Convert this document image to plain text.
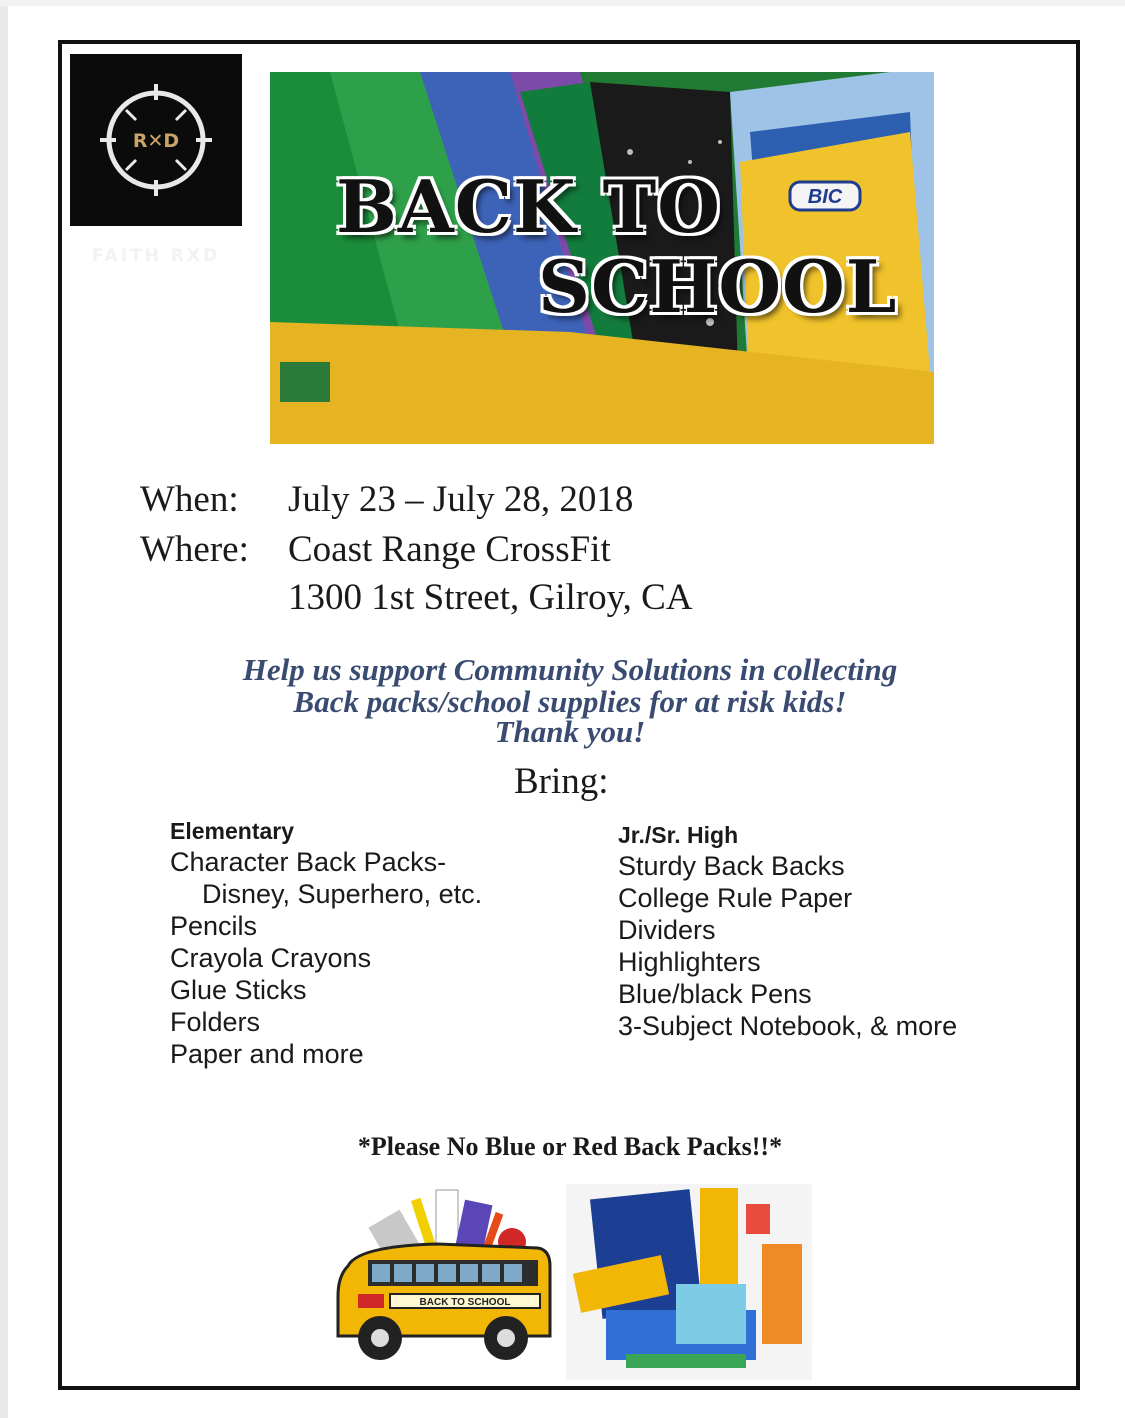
R✕D
FAITH RXD
BIC
BACK TO
SCHOOL
When: July 23 – July 28, 2018
Where: Coast Range CrossFit
1300 1st Street, Gilroy, CA
Help us support Community Solutions in collecting
Back packs/school supplies for at risk kids!
Thank you!
Bring:
Elementary
Character Back Packs-
Disney, Superhero, etc.
Pencils
Crayola Crayons
Glue Sticks
Folders
Paper and more
Jr./Sr. High
Sturdy Back Backs
College Rule Paper
Dividers
Highlighters
Blue/black Pens
3-Subject Notebook, & more
*Please No Blue or Red Back Packs!!*
BACK TO SCHOOL
